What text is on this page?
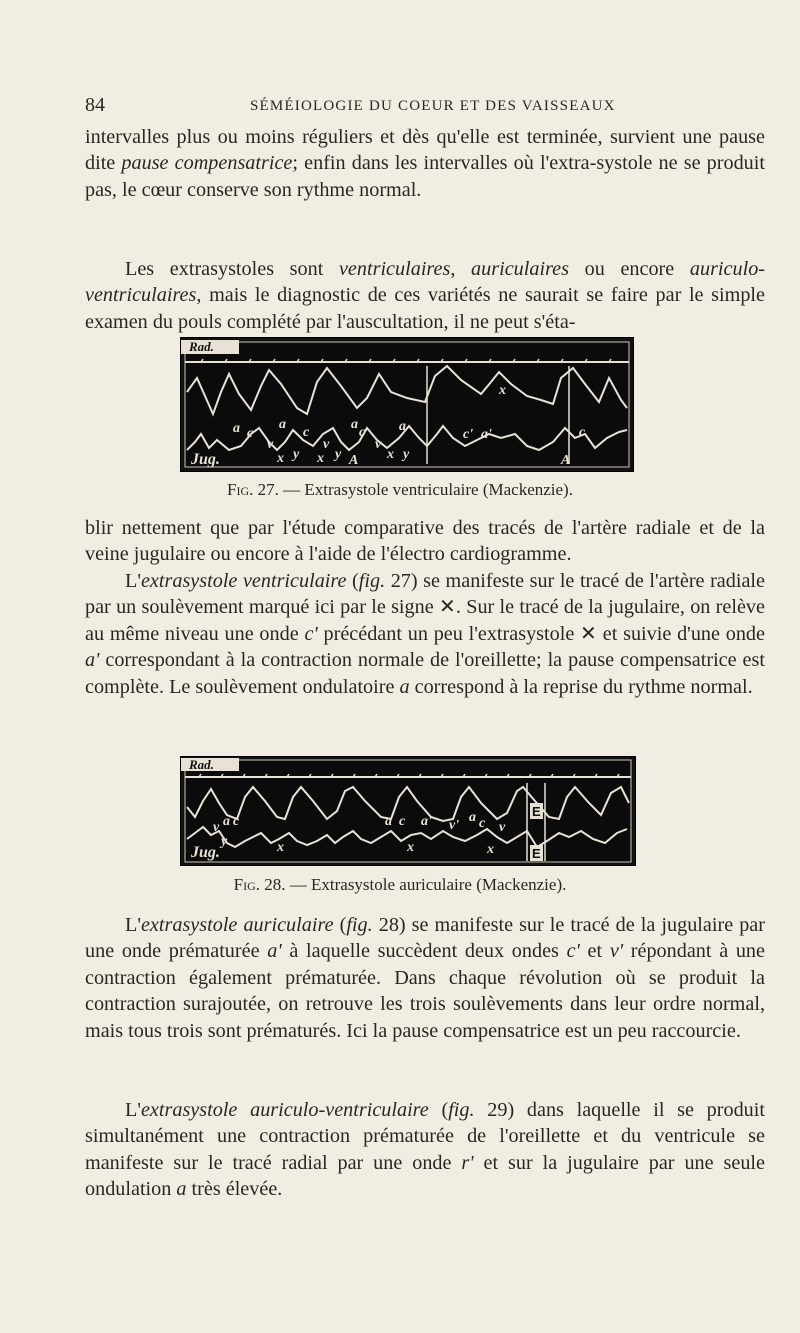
84	SÉMÉIOLOGIE DU COEUR ET DES VAISSEAUX

intervalles plus ou moins réguliers et dès qu'elle est terminée, survient une pause dite pause compensatrice; enfin dans les intervalles où l'extra-systole ne se produit pas, le cœur conserve son rythme normal.

Les extrasystoles sont ventriculaires, auriculaires ou encore auriculo-ventriculaires, mais le diagnostic de ces variétés ne saurait se faire par le simple examen du pouls complété par l'auscultation, il ne peut s'éta-

Rad.
a c
a
c
v
x y x y
v
A
a
c
v
x y
a
c' a'
x
c
A
Jug.
Fig. 27. — Extrasystole ventriculaire (Mackenzie).

blir nettement que par l'étude comparative des tracés de l'artère radiale et de la veine jugulaire ou encore à l'aide de l'électro cardiogramme.

L'extrasystole ventriculaire (fig. 27) se manifeste sur le tracé de l'artère radiale par un soulèvement marqué ici par le signe ✕. Sur le tracé de la jugulaire, on relève au même niveau une onde c' précédant un peu l'extrasystole ✕ et suivie d'une onde a' correspondant à la contraction normale de l'oreillette; la pause compensatrice est complète. Le soulèvement ondulatoire a correspond à la reprise du rythme normal.

Rad.
v a c
y	x
a c a' v'
x
a c v
x
Jug.
E
E
Fig. 28. — Extrasystole auriculaire (Mackenzie).

L'extrasystole auriculaire (fig. 28) se manifeste sur le tracé de la jugulaire par une onde prématurée a' à laquelle succèdent deux ondes c' et v' répondant à une contraction également prématurée. Dans chaque révolution où se produit la contraction surajoutée, on retrouve les trois soulèvements dans leur ordre normal, mais tous trois sont prématurés. Ici la pause compensatrice est un peu raccourcie.

L'extrasystole auriculo-ventriculaire (fig. 29) dans laquelle il se produit simultanément une contraction prématurée de l'oreillette et du ventricule se manifeste sur le tracé radial par une onde r' et sur la jugulaire par une seule ondulation a très élevée.
